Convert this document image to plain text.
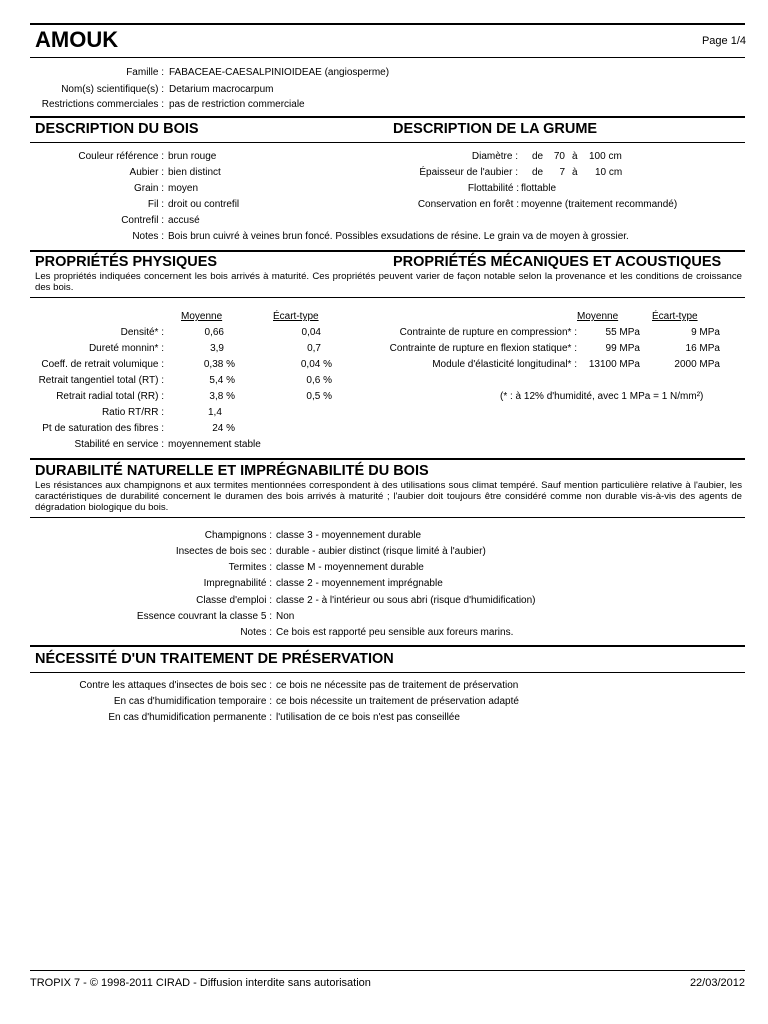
AMOUK	Page 1/4
Famille : FABACEAE-CAESALPINIOIDEAE (angiosperme)
Nom(s) scientifique(s) : Detarium macrocarpum
Restrictions commerciales : pas de restriction commerciale
DESCRIPTION DU BOIS	DESCRIPTION DE LA GRUME
Couleur référence : brun rouge
Aubier : bien distinct
Grain : moyen
Fil : droit ou contrefil
Contrefil : accusé
Notes : Bois brun cuivré à veines brun foncé. Possibles exsudations de résine. Le grain va de moyen à grossier.
Diamètre : de 70 à 100 cm
Épaisseur de l'aubier : de 7 à 10 cm
Flottabilité : flottable
Conservation en forêt : moyenne (traitement recommandé)
PROPRIÉTÉS PHYSIQUES	PROPRIÉTÉS MÉCANIQUES ET ACOUSTIQUES
Les propriétés indiquées concernent les bois arrivés à maturité. Ces propriétés peuvent varier de façon notable selon la provenance et les conditions de croissance des bois.
Moyenne	Écart-type
Densité* :	0,66	0,04
Dureté monnin* :	3,9	0,7
Coeff. de retrait volumique :	0,38 %	0,04 %
Retrait tangentiel total (RT) :	5,4 %	0,6 %
Retrait radial total (RR) :	3,8 %	0,5 %
Ratio RT/RR :	1,4
Pt de saturation des fibres :	24 %
Stabilité en service : moyennement stable
Moyenne	Écart-type
Contrainte de rupture en compression* :	55 MPa	9 MPa
Contrainte de rupture en flexion statique* :	99 MPa	16 MPa
Module d'élasticité longitudinal* : 13100 MPa	2000 MPa
(* : à 12% d'humidité, avec 1 MPa = 1 N/mm²)
DURABILITÉ NATURELLE ET IMPRÉGNABILITÉ DU BOIS
Les résistances aux champignons et aux termites mentionnées correspondent à des utilisations sous climat tempéré. Sauf mention particulière relative à l'aubier, les caractéristiques de durabilité concernent le duramen des bois arrivés à maturité ; l'aubier doit toujours être considéré comme non durable vis-à-vis des agents de dégradation biologique du bois.
Champignons : classe 3 - moyennement durable
Insectes de bois sec : durable - aubier distinct (risque limité à l'aubier)
Termites : classe M - moyennement durable
Impregnabilité : classe 2 - moyennement imprégnable
Classe d'emploi : classe 2 - à l'intérieur ou sous abri (risque d'humidification)
Essence couvrant la classe 5 : Non
Notes : Ce bois est rapporté peu sensible aux foreurs marins.
NÉCESSITÉ D'UN TRAITEMENT DE PRÉSERVATION
Contre les attaques d'insectes de bois sec : ce bois ne nécessite pas de traitement de préservation
En cas d'humidification temporaire : ce bois nécessite un traitement de préservation adapté
En cas d'humidification permanente : l'utilisation de ce bois n'est pas conseillée
TROPIX 7 - © 1998-2011 CIRAD - Diffusion interdite sans autorisation	22/03/2012
